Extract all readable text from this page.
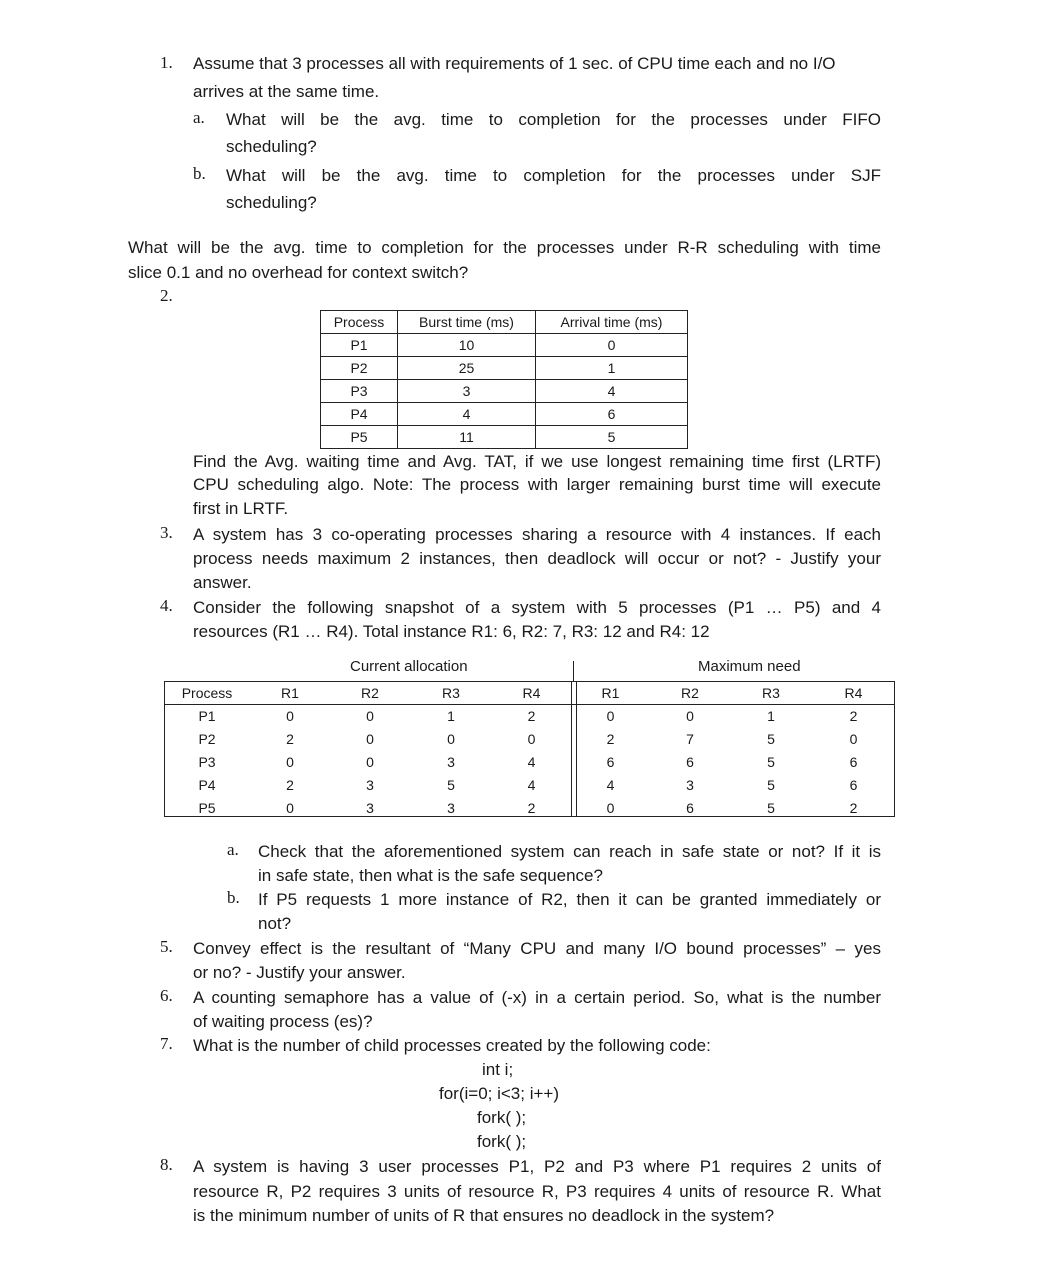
1. Assume that 3 processes all with requirements of 1 sec. of CPU time each and no I/O
arrives at the same time.
a. What will be the avg. time to completion for the processes under FIFO
scheduling?
b. What will be the avg. time to completion for the processes under SJF
scheduling?
What will be the avg. time to completion for the processes under R-R scheduling with time
slice 0.1 and no overhead for context switch?
2.
Process	Burst time (ms)	Arrival time (ms)
P1	10	0
P2	25	1
P3	3	4
P4	4	6
P5	11	5
Find the Avg. waiting time and Avg. TAT, if we use longest remaining time first (LRTF)
CPU scheduling algo. Note: The process with larger remaining burst time will execute
first in LRTF.
3. A system has 3 co-operating processes sharing a resource with 4 instances. If each
process needs maximum 2 instances, then deadlock will occur or not? - Justify your
answer.
4. Consider the following snapshot of a system with 5 processes (P1 … P5) and 4
resources (R1 … R4). Total instance R1: 6, R2: 7, R3: 12 and R4: 12
Current allocation	Maximum need
Process	R1	R2	R3	R4	R1	R2	R3	R4
P1	0	0	1	2	0	0	1	2
P2	2	0	0	0	2	7	5	0
P3	0	0	3	4	6	6	5	6
P4	2	3	5	4	4	3	5	6
P5	0	3	3	2	0	6	5	2
a. Check that the aforementioned system can reach in safe state or not? If it is
in safe state, then what is the safe sequence?
b. If P5 requests 1 more instance of R2, then it can be granted immediately or
not?
5. Convey effect is the resultant of “Many CPU and many I/O bound processes” – yes
or no? - Justify your answer.
6. A counting semaphore has a value of (-x) in a certain period. So, what is the number
of waiting process (es)?
7. What is the number of child processes created by the following code:
int i;
for(i=0; i<3; i++)
fork( );
fork( );
8. A system is having 3 user processes P1, P2 and P3 where P1 requires 2 units of
resource R, P2 requires 3 units of resource R, P3 requires 4 units of resource R. What
is the minimum number of units of R that ensures no deadlock in the system?
